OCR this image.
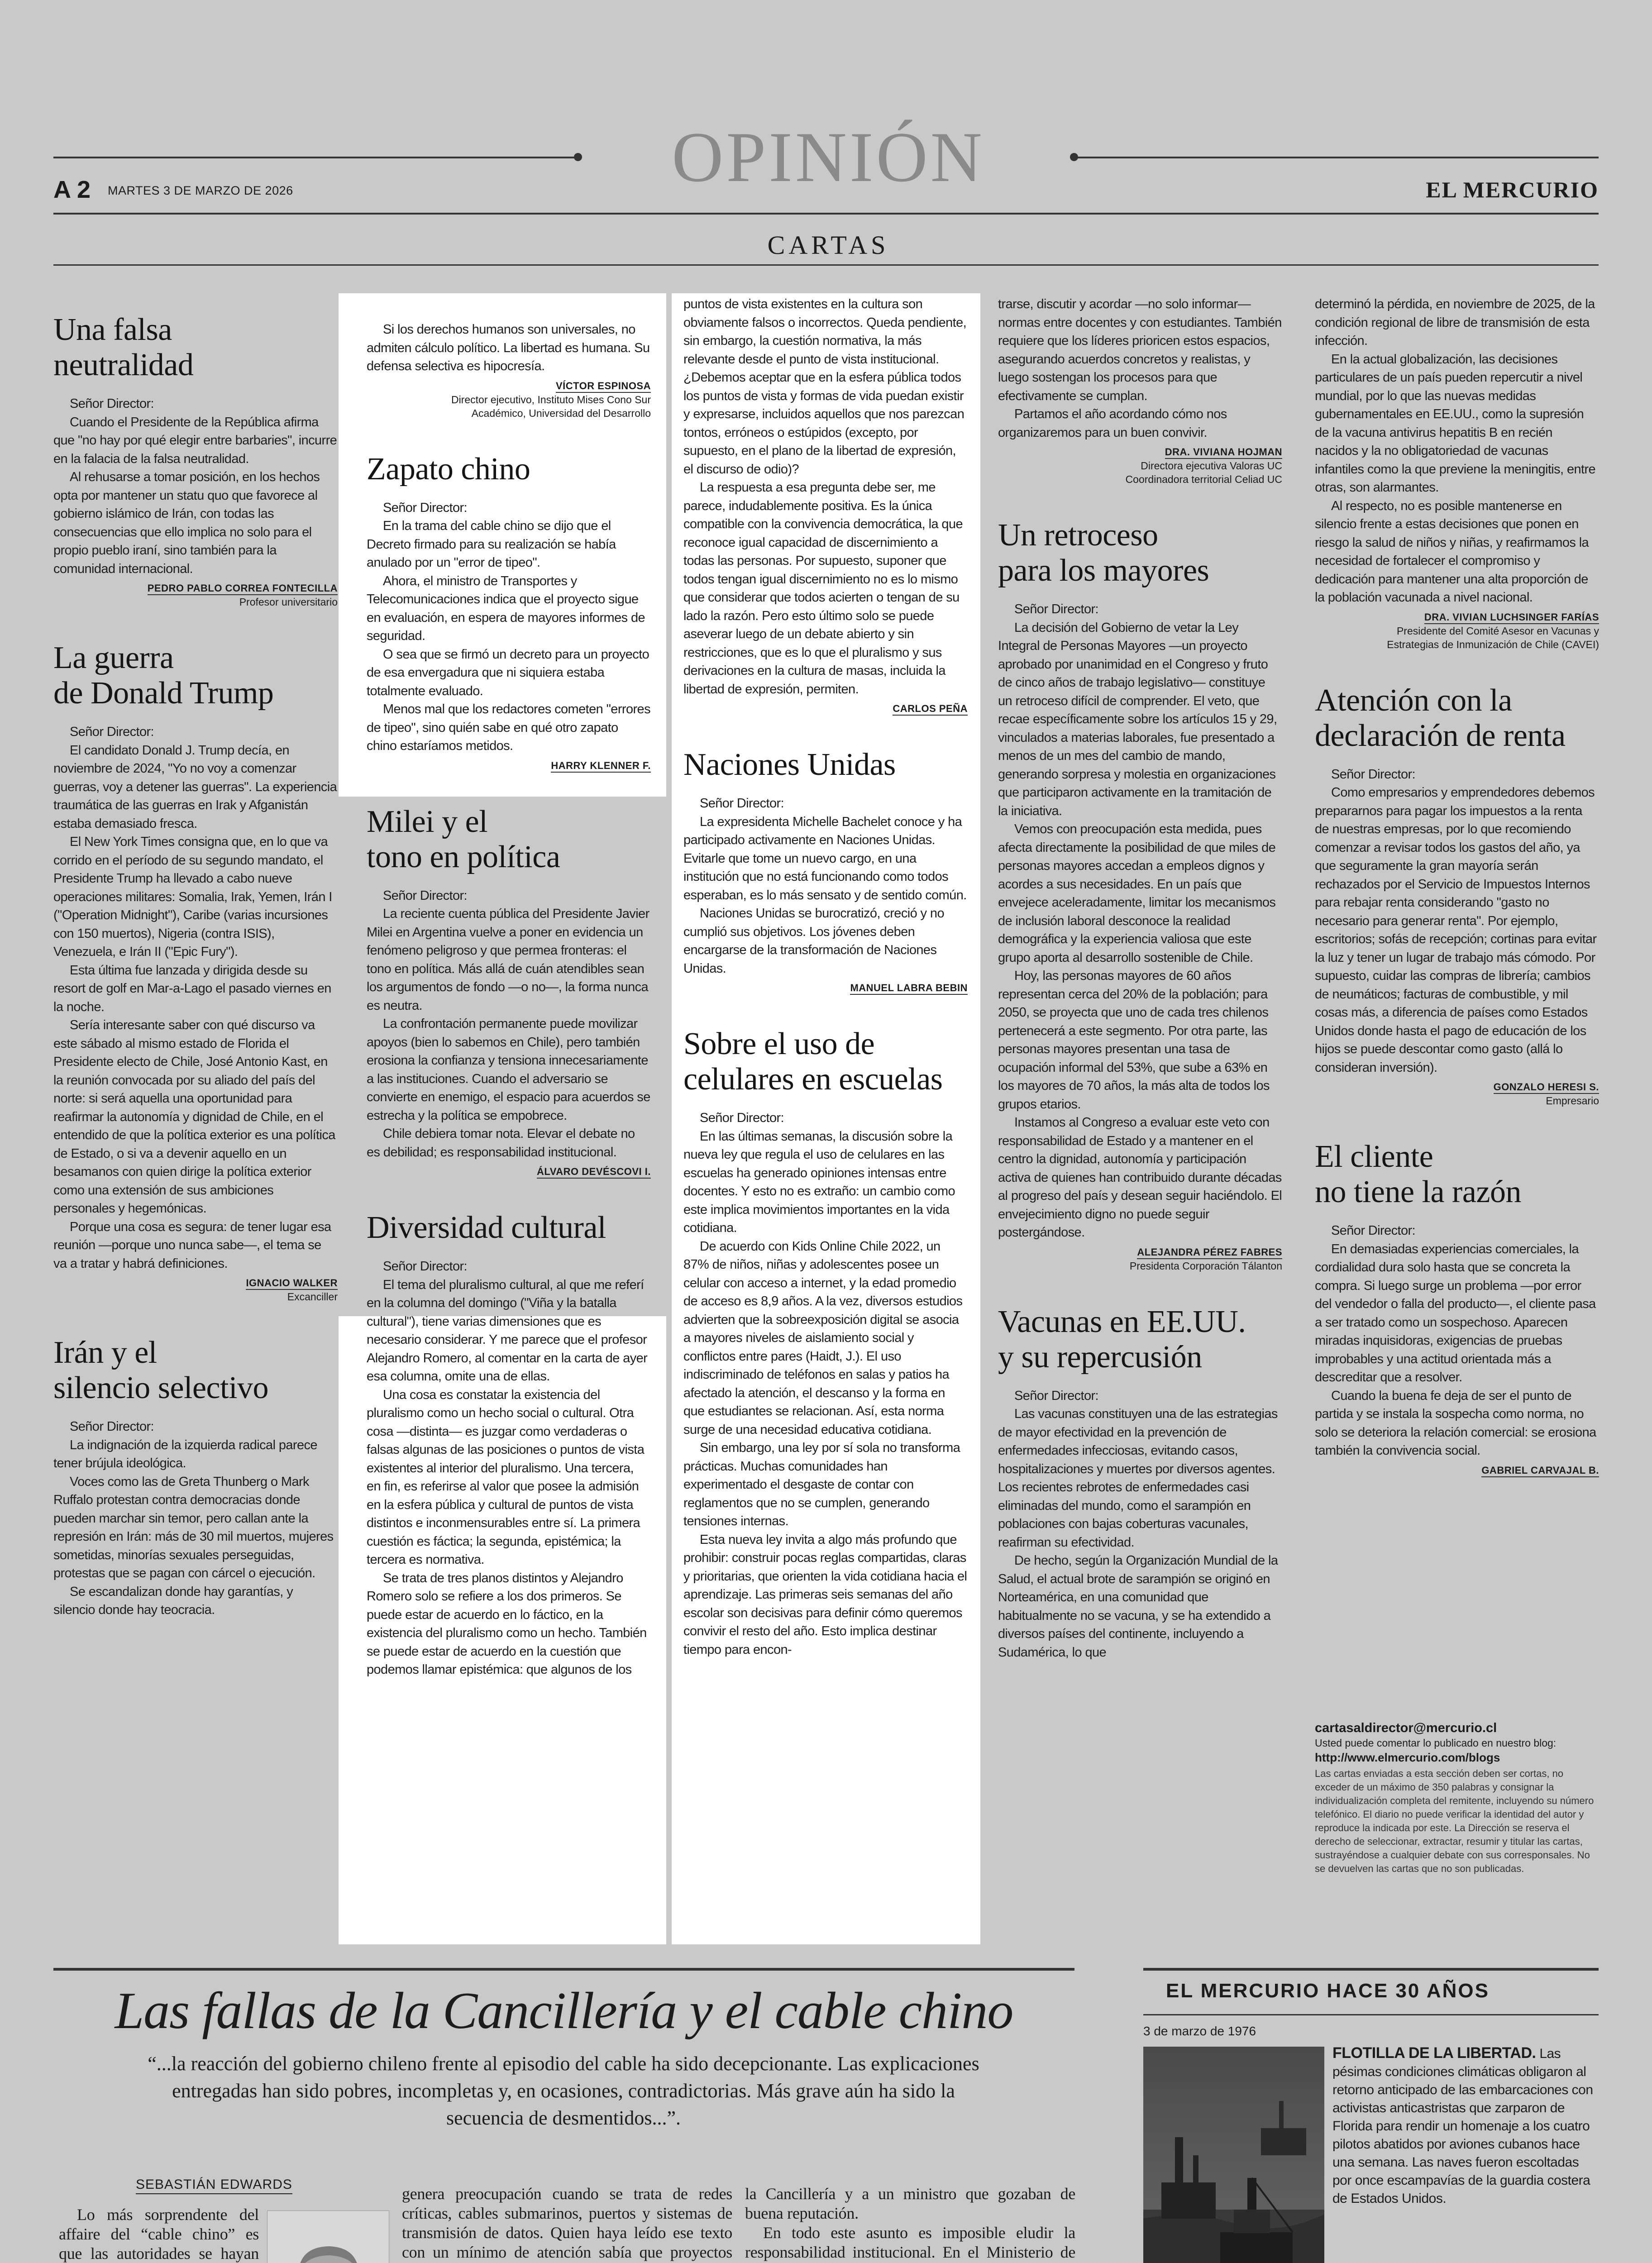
OPINIÓN
A 2 MARTES 3 DE MARZO DE 2026	EL MERCURIO
CARTAS
Una falsa
neutralidad

Señor Director:

Cuando el Presidente de la República afirma que "no hay por qué elegir entre barbaries", incurre en la falacia de la falsa neutralidad.

Al rehusarse a tomar posición, en los hechos opta por mantener un statu quo que favorece al gobierno islámico de Irán, con todas las consecuencias que ello implica no solo para el propio pueblo iraní, sino también para la comunidad internacional.

PEDRO PABLO CORREA FONTECILLA
Profesor universitario
La guerra
de Donald Trump

Señor Director:

El candidato Donald J. Trump decía, en noviembre de 2024, "Yo no voy a comenzar guerras, voy a detener las guerras". La experiencia traumática de las guerras en Irak y Afganistán estaba demasiado fresca.

El New York Times consigna que, en lo que va corrido en el período de su segundo mandato, el Presidente Trump ha llevado a cabo nueve operaciones militares: Somalia, Irak, Yemen, Irán I ("Operation Midnight"), Caribe (varias incursiones con 150 muertos), Nigeria (contra ISIS), Venezuela, e Irán II ("Epic Fury").

Esta última fue lanzada y dirigida desde su resort de golf en Mar-a-Lago el pasado viernes en la noche.

Sería interesante saber con qué discurso va este sábado al mismo estado de Florida el Presidente electo de Chile, José Antonio Kast, en la reunión convocada por su aliado del país del norte: si será aquella una oportunidad para reafirmar la autonomía y dignidad de Chile, en el entendido de que la política exterior es una política de Estado, o si va a devenir aquello en un besamanos con quien dirige la política exterior como una extensión de sus ambiciones personales y hegemónicas.

Porque una cosa es segura: de tener lugar esa reunión —porque uno nunca sabe—, el tema se va a tratar y habrá definiciones.

IGNACIO WALKER
Excanciller
Irán y el
silencio selectivo

Señor Director:

La indignación de la izquierda radical parece tener brújula ideológica.

Voces como las de Greta Thunberg o Mark Ruffalo protestan contra democracias donde pueden marchar sin temor, pero callan ante la represión en Irán: más de 30 mil muertos, mujeres sometidas, minorías sexuales perseguidas, protestas que se pagan con cárcel o ejecución.

Se escandalizan donde hay garantías, y silencio donde hay teocracia.

Si los derechos humanos son universales, no admiten cálculo político. La libertad es humana. Su defensa selectiva es hipocresía.

VÍCTOR ESPINOSA
Director ejecutivo, Instituto Mises Cono Sur
Académico, Universidad del Desarrollo
Zapato chino

Señor Director:

En la trama del cable chino se dijo que el Decreto firmado para su realización se había anulado por un "error de tipeo".

Ahora, el ministro de Transportes y Telecomunicaciones indica que el proyecto sigue en evaluación, en espera de mayores informes de seguridad.

O sea que se firmó un decreto para un proyecto de esa envergadura que ni siquiera estaba totalmente evaluado.

Menos mal que los redactores cometen "errores de tipeo", sino quién sabe en qué otro zapato chino estaríamos metidos.

HARRY KLENNER F.
Milei y el
tono en política

Señor Director:

La reciente cuenta pública del Presidente Javier Milei en Argentina vuelve a poner en evidencia un fenómeno peligroso y que permea fronteras: el tono en política. Más allá de cuán atendibles sean los argumentos de fondo —o no—, la forma nunca es neutra.

La confrontación permanente puede movilizar apoyos (bien lo sabemos en Chile), pero también erosiona la confianza y tensiona innecesariamente a las instituciones. Cuando el adversario se convierte en enemigo, el espacio para acuerdos se estrecha y la política se empobrece.

Chile debiera tomar nota. Elevar el debate no es debilidad; es responsabilidad institucional.

ÁLVARO DEVÉSCOVI I.
Diversidad cultural

Señor Director:

El tema del pluralismo cultural, al que me referí en la columna del domingo ("Viña y la batalla cultural"), tiene varias dimensiones que es necesario considerar. Y me parece que el profesor Alejandro Romero, al comentar en la carta de ayer esa columna, omite una de ellas.

Una cosa es constatar la existencia del pluralismo como un hecho social o cultural. Otra cosa —distinta— es juzgar como verdaderas o falsas algunas de las posiciones o puntos de vista existentes al interior del pluralismo. Una tercera, en fin, es referirse al valor que posee la admisión en la esfera pública y cultural de puntos de vista distintos e inconmensurables entre sí. La primera cuestión es fáctica; la segunda, epistémica; la tercera es normativa.

Se trata de tres planos distintos y Alejandro Romero solo se refiere a los dos primeros. Se puede estar de acuerdo en lo fáctico, en la existencia del pluralismo como un hecho. También se puede estar de acuerdo en la cuestión que podemos llamar epistémica: que algunos de los

puntos de vista existentes en la cultura son obviamente falsos o incorrectos. Queda pendiente, sin embargo, la cuestión normativa, la más relevante desde el punto de vista institucional. ¿Debemos aceptar que en la esfera pública todos los puntos de vista y formas de vida puedan existir y expresarse, incluidos aquellos que nos parezcan tontos, erróneos o estúpidos (excepto, por supuesto, en el plano de la libertad de expresión, el discurso de odio)?

La respuesta a esa pregunta debe ser, me parece, indudablemente positiva. Es la única compatible con la convivencia democrática, la que reconoce igual capacidad de discernimiento a todas las personas. Por supuesto, suponer que todos tengan igual discernimiento no es lo mismo que considerar que todos acierten o tengan de su lado la razón. Pero esto último solo se puede aseverar luego de un debate abierto y sin restricciones, que es lo que el pluralismo y sus derivaciones en la cultura de masas, incluida la libertad de expresión, permiten.

CARLOS PEÑA
Naciones Unidas

Señor Director:

La expresidenta Michelle Bachelet conoce y ha participado activamente en Naciones Unidas. Evitarle que tome un nuevo cargo, en una institución que no está funcionando como todos esperaban, es lo más sensato y de sentido común.

Naciones Unidas se burocratizó, creció y no cumplió sus objetivos. Los jóvenes deben encargarse de la transformación de Naciones Unidas.

MANUEL LABRA BEBIN
Sobre el uso de
celulares en escuelas

Señor Director:

En las últimas semanas, la discusión sobre la nueva ley que regula el uso de celulares en las escuelas ha generado opiniones intensas entre docentes. Y esto no es extraño: un cambio como este implica movimientos importantes en la vida cotidiana.

De acuerdo con Kids Online Chile 2022, un 87% de niños, niñas y adolescentes posee un celular con acceso a internet, y la edad promedio de acceso es 8,9 años. A la vez, diversos estudios advierten que la sobreexposición digital se asocia a mayores niveles de aislamiento social y conflictos entre pares (Haidt, J.). El uso indiscriminado de teléfonos en salas y patios ha afectado la atención, el descanso y la forma en que estudiantes se relacionan. Así, esta norma surge de una necesidad educativa cotidiana.

Sin embargo, una ley por sí sola no transforma prácticas. Muchas comunidades han experimentado el desgaste de contar con reglamentos que no se cumplen, generando tensiones internas.

Esta nueva ley invita a algo más profundo que prohibir: construir pocas reglas compartidas, claras y prioritarias, que orienten la vida cotidiana hacia el aprendizaje. Las primeras seis semanas del año escolar son decisivas para definir cómo queremos convivir el resto del año. Esto implica destinar tiempo para encon-

trarse, discutir y acordar —no solo informar— normas entre docentes y con estudiantes. También requiere que los líderes prioricen estos espacios, asegurando acuerdos concretos y realistas, y luego sostengan los procesos para que efectivamente se cumplan.

Partamos el año acordando cómo nos organizaremos para un buen convivir.

DRA. VIVIANA HOJMAN
Directora ejecutiva Valoras UC
Coordinadora territorial Celiad UC
Un retroceso
para los mayores

Señor Director:

La decisión del Gobierno de vetar la Ley Integral de Personas Mayores —un proyecto aprobado por unanimidad en el Congreso y fruto de cinco años de trabajo legislativo— constituye un retroceso difícil de comprender. El veto, que recae específicamente sobre los artículos 15 y 29, vinculados a materias laborales, fue presentado a menos de un mes del cambio de mando, generando sorpresa y molestia en organizaciones que participaron activamente en la tramitación de la iniciativa.

Vemos con preocupación esta medida, pues afecta directamente la posibilidad de que miles de personas mayores accedan a empleos dignos y acordes a sus necesidades. En un país que envejece aceleradamente, limitar los mecanismos de inclusión laboral desconoce la realidad demográfica y la experiencia valiosa que este grupo aporta al desarrollo sostenible de Chile.

Hoy, las personas mayores de 60 años representan cerca del 20% de la población; para 2050, se proyecta que uno de cada tres chilenos pertenecerá a este segmento. Por otra parte, las personas mayores presentan una tasa de ocupación informal del 53%, que sube a 63% en los mayores de 70 años, la más alta de todos los grupos etarios.

Instamos al Congreso a evaluar este veto con responsabilidad de Estado y a mantener en el centro la dignidad, autonomía y participación activa de quienes han contribuido durante décadas al progreso del país y desean seguir haciéndolo. El envejecimiento digno no puede seguir postergándose.

ALEJANDRA PÉREZ FABRES
Presidenta Corporación Tálanton
Vacunas en EE.UU.
y su repercusión

Señor Director:

Las vacunas constituyen una de las estrategias de mayor efectividad en la prevención de enfermedades infecciosas, evitando casos, hospitalizaciones y muertes por diversos agentes. Los recientes rebrotes de enfermedades casi eliminadas del mundo, como el sarampión en poblaciones con bajas coberturas vacunales, reafirman su efectividad.

De hecho, según la Organización Mundial de la Salud, el actual brote de sarampión se originó en Norteamérica, en una comunidad que habitualmente no se vacuna, y se ha extendido a diversos países del continente, incluyendo a Sudamérica, lo que

determinó la pérdida, en noviembre de 2025, de la condición regional de libre de transmisión de esta infección.

En la actual globalización, las decisiones particulares de un país pueden repercutir a nivel mundial, por lo que las nuevas medidas gubernamentales en EE.UU., como la supresión de la vacuna antivirus hepatitis B en recién nacidos y la no obligatoriedad de vacunas infantiles como la que previene la meningitis, entre otras, son alarmantes.

Al respecto, no es posible mantenerse en silencio frente a estas decisiones que ponen en riesgo la salud de niños y niñas, y reafirmamos la necesidad de fortalecer el compromiso y dedicación para mantener una alta proporción de la población vacunada a nivel nacional.

DRA. VIVIAN LUCHSINGER FARÍAS
Presidente del Comité Asesor en Vacunas y
Estrategias de Inmunización de Chile (CAVEI)
Atención con la
declaración de renta

Señor Director:

Como empresarios y emprendedores debemos prepararnos para pagar los impuestos a la renta de nuestras empresas, por lo que recomiendo comenzar a revisar todos los gastos del año, ya que seguramente la gran mayoría serán rechazados por el Servicio de Impuestos Internos para rebajar renta considerando "gasto no necesario para generar renta". Por ejemplo, escritorios; sofás de recepción; cortinas para evitar la luz y tener un lugar de trabajo más cómodo. Por supuesto, cuidar las compras de librería; cambios de neumáticos; facturas de combustible, y mil cosas más, a diferencia de países como Estados Unidos donde hasta el pago de educación de los hijos se puede descontar como gasto (allá lo consideran inversión).

GONZALO HERESI S.
Empresario
El cliente
no tiene la razón

Señor Director:

En demasiadas experiencias comerciales, la cordialidad dura solo hasta que se concreta la compra. Si luego surge un problema —por error del vendedor o falla del producto—, el cliente pasa a ser tratado como un sospechoso. Aparecen miradas inquisidoras, exigencias de pruebas improbables y una actitud orientada más a descreditar que a resolver.

Cuando la buena fe deja de ser el punto de partida y se instala la sospecha como norma, no solo se deteriora la relación comercial: se erosiona también la convivencia social.

GABRIEL CARVAJAL B.
cartasaldirector@mercurio.cl
Usted puede comentar lo publicado en nuestro blog:
http://www.elmercurio.com/blogs
Las cartas enviadas a esta sección deben ser cortas, no exceder de un máximo de 350 palabras y consignar la individualización completa del remitente, incluyendo su número telefónico. El diario no puede verificar la identidad del autor y reproduce la indicada por este. La Dirección se reserva el derecho de seleccionar, extractar, resumir y titular las cartas, sustrayéndose a cualquier debate con sus corresponsales. No se devuelven las cartas que no son publicadas.
Las fallas de la Cancillería y el cable chino
“...la reacción del gobierno chileno frente al episodio del cable ha sido decepcionante. Las explicaciones entregadas han sido pobres, incompletas y, en ocasiones, contradictorias. Más grave aún ha sido la secuencia de desmentidos...”.
SEBASTIÁN EDWARDS

Lo más sorprendente del affaire del “cable chino” es que las autoridades se hayan

genera preocupación cuando se trata de redes críticas, cables submarinos, puertos y sistemas de transmisión de datos. Quien haya leído ese texto con un mínimo de atención sabía que proyectos

la Cancillería y a un ministro que gozaban de buena reputación.

En todo este asunto es imposible eludir la responsabilidad institucional. En el Ministerio de

EL MERCURIO HACE 30 AÑOS
3 de marzo de 1976
FLOTILLA DE LA LIBERTAD. Las pésimas condiciones climáticas obligaron al retorno anticipado de las embarcaciones con activistas anticastristas que zarparon de Florida para rendir un homenaje a los cuatro pilotos abatidos por aviones cubanos hace una semana. Las naves fueron escoltadas por once escampavías de la guardia costera de Estados Unidos.
